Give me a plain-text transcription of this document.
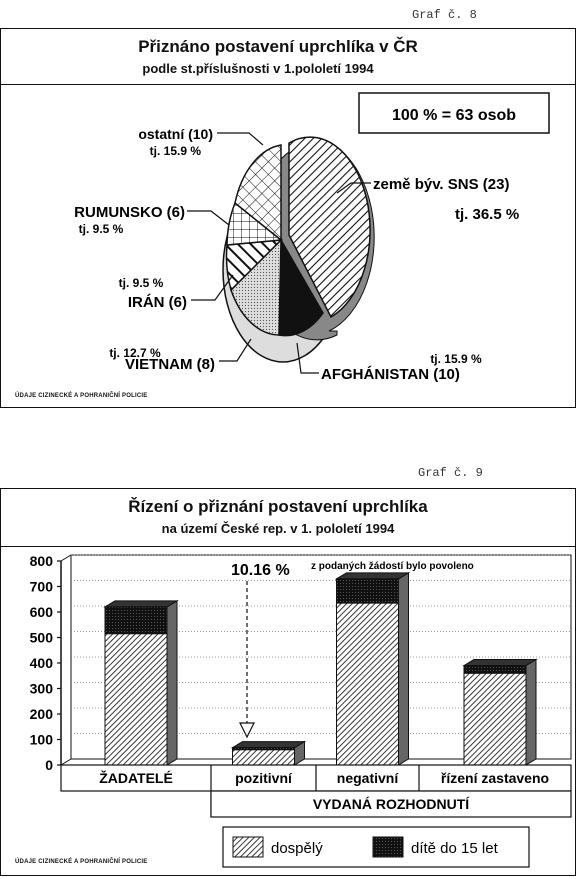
Graf č. 8
Přiznáno postavení uprchlíka v ČR
podle st.příslušnosti v 1.pololetí 1994
100 % = 63 osob
ostatní (10)
tj. 15.9 %
RUMUNSKO (6)
tj. 9.5 %
tj. 9.5 %
IRÁN (6)
tj. 12.7 %
VIETNAM (8)	tj. 15.9 %
AFGHÁNISTAN (10)
země býv. SNS (23)
tj. 36.5 %
ÚDAJE CIZINECKÉ A POHRANIČNÍ POLICIE
Graf č. 9
Řízení o přiznání postavení uprchlíka
na území České rep. v 1. pololetí 1994
0
100
200
300
400
500
600
700
800
10.16 % z podaných žádostí bylo povoleno
VYDANÁ ROZHODNUTÍ
ŽADATELÉ	pozitivní	negativní	řízení zastaveno
dospělý	dítě do 15 let
ÚDAJE CIZINECKÉ A POHRANIČNÍ POLICIE
